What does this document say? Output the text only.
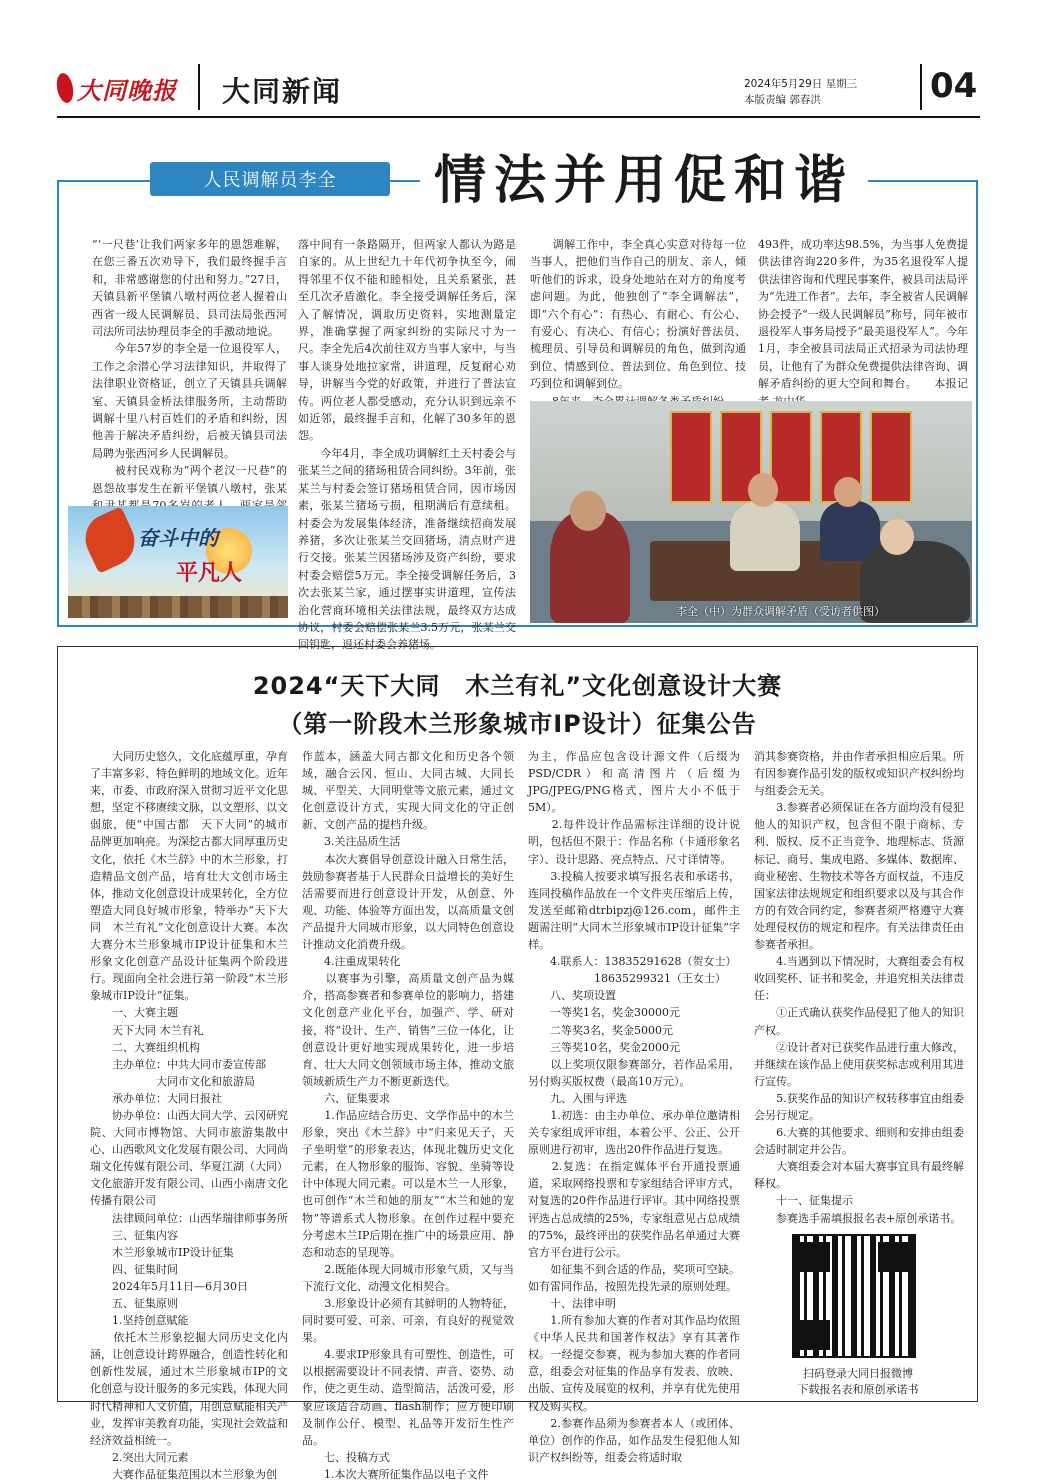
大同晚报 大同新闻	2024年5月29日 星期三
本版责编 郭春洪	04
人民调解员李全	情法并用促和谐
“‘一尺巷’让我们两家多年的恩怨难解，在您三番五次劝导下，我们最终握手言和，非常感谢您的付出和努力。”27日，天镇县新平堡镇八墩村两位老人握着山西省一级人民调解员、县司法局张西河司法所司法协理员李全的手激动地说。
　　今年57岁的李全是一位退役军人，工作之余潜心学习法律知识，并取得了法律职业资格证，创立了天镇县兵调解室、天镇县金桥法律服务所，主动帮助调解十里八村百姓们的矛盾和纠纷，因他善于解决矛盾纠纷，后被天镇县司法局聘为张西河乡人民调解员。
　　被村民戏称为“两个老汉一尺巷”的恩怨故事发生在新平堡镇八墩村，张某
落中间有一条路隔开，但两家人都认为路是自家的。从上世纪九十年代初争执至今，闹得邻里不仅不能和睦相处，且关系紧张，甚至几次矛盾激化。李全接受调解任务后，深入了解情况，调取历史资料，实地测量定界，准确掌握了两家纠纷的实际尺寸为一尺。李全先后4次前往双方当事人家中，与当事人谈身处地拉家常，讲道理，反复耐心劝导，讲解当今党的好政策，并进行了普法宣传。两位老人都受感动，充分认识到远亲不如近邻，最终握手言和，化解了30多年的恩怨。
　　今年4月，李全成功调解红土天村委会与张某兰之间的猪场租赁合同纠纷。3年前，张某兰与村委会签订猪场租赁合同，因市场因素，张某兰猪场亏损，租期满后有意续租。村委会为发展集体经济，准备继续招商发展养猪，多次让张某兰交回猪场，清点财产进行交接。张某兰因猪场涉及资产纠纷，要求村委会赔偿5万元。李全接受调解任务后，3次去张某兰家，通过摆事实讲道理，宣传法治化营商环境相关法律法规，最终双方达成协议，村委会赔偿张某兰3.5万元，张某兰交回钥匙，退还村委会养猪场。
　　调解工作中，李全真心实意对待每一位当事人，把他们当作自己的朋友、亲人，倾听他们的诉求，设身处地站在对方的角度考虑问题。为此，他独创了“李全调解法”，即“六个有心”：有热心、有耐心、有公心、有爱心、有决心、有信心；扮演好普法员、梳理员、引导员和调解员的角色，做到沟通到位、情感到位、普法到位、角色到位、技巧到位和调解到位。

493件，成功率达98.5%，为当事人免费提供法律咨询220多件，为35名退役军人提供法律咨询和代理民事案件，被县司法局评为“先进工作者”。去年，李全被省人民调解协会授予“一级人民调解员”称号，同年被市退役军人事务局授予“最美退役军人”。今年1月，李全被县司法局正式招录为司法协理员，让他有了为群众免费提供法律咨询、调解矛盾纠纷的更大空间和舞台。　　本报记
奋斗中的
平凡人
李全（中）为群众调解矛盾（受访者供图）
2024“天下大同　木兰有礼”文化创意设计大赛
（第一阶段木兰形象城市IP设计）征集公告
　　大同历史悠久，文化底蕴厚重，孕育了丰富多彩、特色鲜明的地域文化。近年来，市委、市政府深入贯彻习近平文化思想，坚定不移赓续文脉，以文塑形、以文弱旅，使“中国古都　天下大同”的城市品牌更加响亮。为深挖古都大同厚重历史文化，依托《木兰辞》中的木兰形象，打造精品文创产品，培育壮大文创市场主体，推动文化创意设计成果转化，全方位塑造大同良好城市形象，特举办“天下大同　木兰有礼”文化创意设计大赛。本次大赛分木兰形象城市IP设计征集和木兰形象文化创意产品设计征集两个阶段进行。现面向全社会进行第一阶段“木兰形象城市IP设计”征集。
　　一、大赛主题
　　天下大同 木兰有礼
　　二、大赛组织机构
　　主办单位：中共大同市委宣传部
　　　　　　大同市文化和旅游局
　　承办单位：大同日报社
　　协办单位：山西大同大学、云冈研究院、大同市博物馆、大同市旅游集散中心、山西歌风文化发展有限公司、大同尚瑞文化传媒有限公司、华夏江湖（大同）文化旅游开发有限公司、山西小南唐文化传播有限公司
　　法律顾问单位：山西华瑞律师事务所
　　三、征集内容
　　木兰形象城市IP设计征集
　　四、征集时间
　　2024年5月11日—6月30日
　　五、征集原则
　　1.坚持创意赋能
　　依托木兰形象挖掘大同历史文化内涵，让创意设计跨界融合，创造性转化和创新性发展，通过木兰形象城市IP的文化创意与设计服务的多元实践，体现大同时代精神和人文价值，用创意赋能相关产业，发挥审美教育功能，实现社会效益和经济效益相统一。
　　2.突出大同元素
　　大赛作品征集范围以木兰形象为创
作蓝本，涵盖大同古都文化和历史各个领域，融合云冈、恒山、大同古城、大同长城、平型关、大同明堂等文旅元素，通过文化创意设计方式，实现大同文化的守正创新、文创产品的提档升级。
　　3.关注品质生活
　　本次大赛倡导创意设计融入日常生活，鼓励参赛者基于人民群众日益增长的美好生活需要而进行创意设计开发，从创意、外观、功能、体验等方面出发，以高质量文创产品提升大同城市形象，以大同特色创意设计推动文化消费升级。
　　4.注重成果转化
　　以赛事为引擎，高质量文创产品为媒介，搭高参赛者和参赛单位的影响力，搭建文化创意产业化平台，加强产、学、研对接，将“设计、生产、销售”三位一体化，让创意设计更好地实现成果转化，进一步培育、壮大大同文创领域市场主体，推动文旅领域新质生产力不断更新迭代。
　　六、征集要求
　　1.作品应结合历史、文学作品中的木兰形象，突出《木兰辞》中“归来见天子，天子坐明堂”的形象表达，体现北魏历史文化元素，在人物形象的服饰、容貌、坐骑等设计中体现大同元素。可以是木兰一人形象，也可创作“木兰和她的朋友”“木兰和她的宠物”等谱系式人物形象。在创作过程中要充分考虑木兰IP后期在推广中的场景应用、静态和动态的呈现等。
　　2.既能体现大同城市形象气质，又与当下流行文化、动漫文化相契合。
　　3.形象设计必须有其鲜明的人物特征，同时要可爱、可亲、可亲，有良好的视觉效果。
　　4.要求IP形象具有可塑性、创造性，可以根据需要设计不同表情、声音、姿势、动作，使之更生动、造型简洁，活泼可爱，形象应该适合动画、flash制作；应方便印刷及制作公仔、模型、礼品等开发衍生性产品。
　　七、投稿方式
　　1.本次大赛所征集作品以电子文件
为主，作品应包含设计源文件（后缀为PSD/CDR）和高清图片（后缀为JPG/JPEG/PNG格式，图片大小不低于5M）。
　　2.每件设计作品需标注详细的设计说明，包括但不限于：作品名称（卡通形象名字）、设计思路、亮点特点、尺寸详情等。
　　3.投稿人按要求填写报名表和承诺书，连同投稿作品放在一个文件夹压缩后上传，发送至邮箱dtrbipzj@126.com，邮件主题需注明“大同木兰形象城市IP设计征集”字样。
　　4.联系人：13835291628（贺女士）
　　　　　　18635299321（王女士）
　　八、奖项设置
　　一等奖1名，奖金30000元
　　二等奖3名，奖金5000元
　　三等奖10名，奖金2000元
　　以上奖项仅限参赛部分，若作品采用，另付购买版权费（最高10万元）。
　　九、入围与评选
　　1.初选：由主办单位、承办单位邀请相关专家组成评审组，本着公平、公正、公开原则进行初审，选出20件作品进行复选。
　　2.复选：在指定媒体平台开通投票通道，采取网络投票和专家组结合评审方式，对复选的20件作品进行评审。其中网络投票评选占总成绩的25%，专家组意见占总成绩的75%，最终评出的获奖作品名单通过大赛官方平台进行公示。
　　如征集不到合适的作品，奖项可空缺。如有雷同作品，按照先投先录的原则处理。
　　十、法律申明
　　1.所有参加大赛的作者对其作品均依照《中华人民共和国著作权法》享有其著作权。一经提交参赛，视为参加大赛的作者同意，组委会对征集的作品享有发表、放映、出版、宣传及展览的权利，并享有优先使用权及购买权。
　　2.参赛作品须为参赛者本人（或团体、单位）创作的作品，如作品发生侵犯他人知识产权纠纷等，组委会将适时取
消其参赛资格，并由作者承担相应后果。所有因参赛作品引发的版权或知识产权纠纷均与组委会无关。
　　3.参赛者必须保证在各方面均没有侵犯他人的知识产权，包含但不限于商标、专利、版权、反不正当竞争、地理标志、货源标记、商号、集成电路、多媒体、数据库、商业秘密、生物技术等各方面权益，不违反国家法律法规规定和组织要求以及与其合作方的有效合同约定，参赛者须严格遵守大赛处理侵权仿的规定和程序。有关法律责任由参赛者承担。
　　4.当遇到以下情况时，大赛组委会有权收回奖杯、证书和奖金，并追究相关法律责任：
　　①正式确认获奖作品侵犯了他人的知识产权。
　　②设计者对已获奖作品进行重大修改，并继续在该作品上使用获奖标志或利用其进行宣传。
　　5.获奖作品的知识产权转移事宜由组委会另行规定。
　　6.大赛的其他要求、细则和安排由组委会适时制定并公告。
　　大赛组委会对本届大赛事宜具有最终解释权。
　　十一、征集提示
　　参赛选手需填报报名表+原创承诺书。
扫码登录大同日报微博
下载报名表和原创承诺书
